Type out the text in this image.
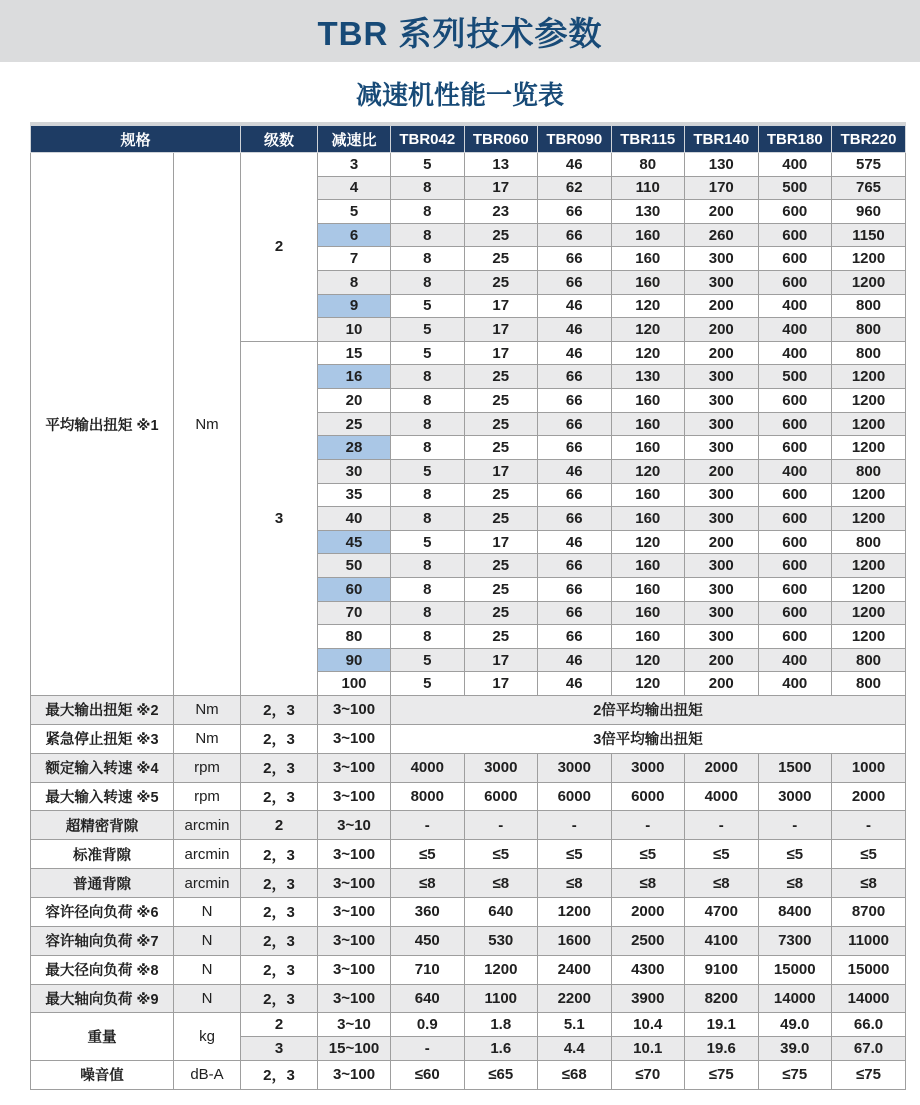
TBR 系列技术参数
减速机性能一览表
规格		级数	减速比	TBR042	TBR060	TBR090	TBR115	TBR140	TBR180	TBR220
平均输出扭矩 ※1	Nm	2	3	5	13	46	80	130	400	575
			4	8	17	62	110	170	500	765
			5	8	23	66	130	200	600	960
			6	8	25	66	160	260	600	1150
			7	8	25	66	160	300	600	1200
			8	8	25	66	160	300	600	1200
			9	5	17	46	120	200	400	800
			10	5	17	46	120	200	400	800
		3	15	5	17	46	120	200	400	800
			16	8	25	66	130	300	500	1200
			20	8	25	66	160	300	600	1200
			25	8	25	66	160	300	600	1200
			28	8	25	66	160	300	600	1200
			30	5	17	46	120	200	400	800
			35	8	25	66	160	300	600	1200
			40	8	25	66	160	300	600	1200
			45	5	17	46	120	200	600	800
			50	8	25	66	160	300	600	1200
			60	8	25	66	160	300	600	1200
			70	8	25	66	160	300	600	1200
			80	8	25	66	160	300	600	1200
			90	5	17	46	120	200	400	800
			100	5	17	46	120	200	400	800
最大输出扭矩 ※2	Nm	2，3	3~100	2倍平均输出扭矩						
紧急停止扭矩 ※3	Nm	2，3	3~100	3倍平均输出扭矩						
额定输入转速 ※4	rpm	2，3	3~100	4000	3000	3000	3000	2000	1500	1000
最大输入转速 ※5	rpm	2，3	3~100	8000	6000	6000	6000	4000	3000	2000
超精密背隙	arcmin	2	3~10	-	-	-	-	-	-	-
标准背隙	arcmin	2，3	3~100	≤5	≤5	≤5	≤5	≤5	≤5	≤5
普通背隙	arcmin	2，3	3~100	≤8	≤8	≤8	≤8	≤8	≤8	≤8
容许径向负荷 ※6	N	2，3	3~100	360	640	1200	2000	4700	8400	8700
容许轴向负荷 ※7	N	2，3	3~100	450	530	1600	2500	4100	7300	11000
最大径向负荷 ※8	N	2，3	3~100	710	1200	2400	4300	9100	15000	15000
最大轴向负荷 ※9	N	2，3	3~100	640	1100	2200	3900	8200	14000	14000
重量	kg	2	3~10	0.9	1.8	5.1	10.4	19.1	49.0	66.0
		3	15~100	-	1.6	4.4	10.1	19.6	39.0	67.0
噪音值	dB-A	2，3	3~100	≤60	≤65	≤68	≤70	≤75	≤75	≤75
